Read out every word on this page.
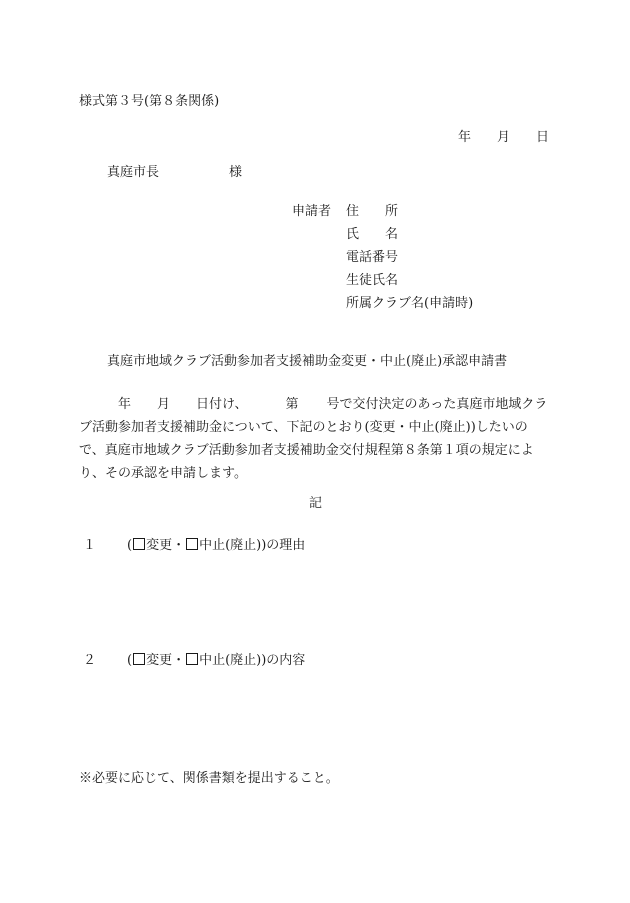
様式第３号(第８条関係)
年 月 日
真庭市長	様
申請者 住 所
氏 名
電話番号
生徒氏名
所属クラブ名(申請時)
真庭市地域クラブ活動参加者支援補助金変更・中止(廃止)承認申請書
年 月 日付け、	第 号で交付決定のあった真庭市地域クラブ活動参加者支援補助金について、下記のとおり(変更・中止(廃止))したいので、真庭市地域クラブ活動参加者支援補助金交付規程第８条第１項の規定により、その承認を申請します。
記
１ ( 変更・ 中止(廃止))の理由
２ ( 変更・ 中止(廃止))の内容
※必要に応じて、関係書類を提出すること。
